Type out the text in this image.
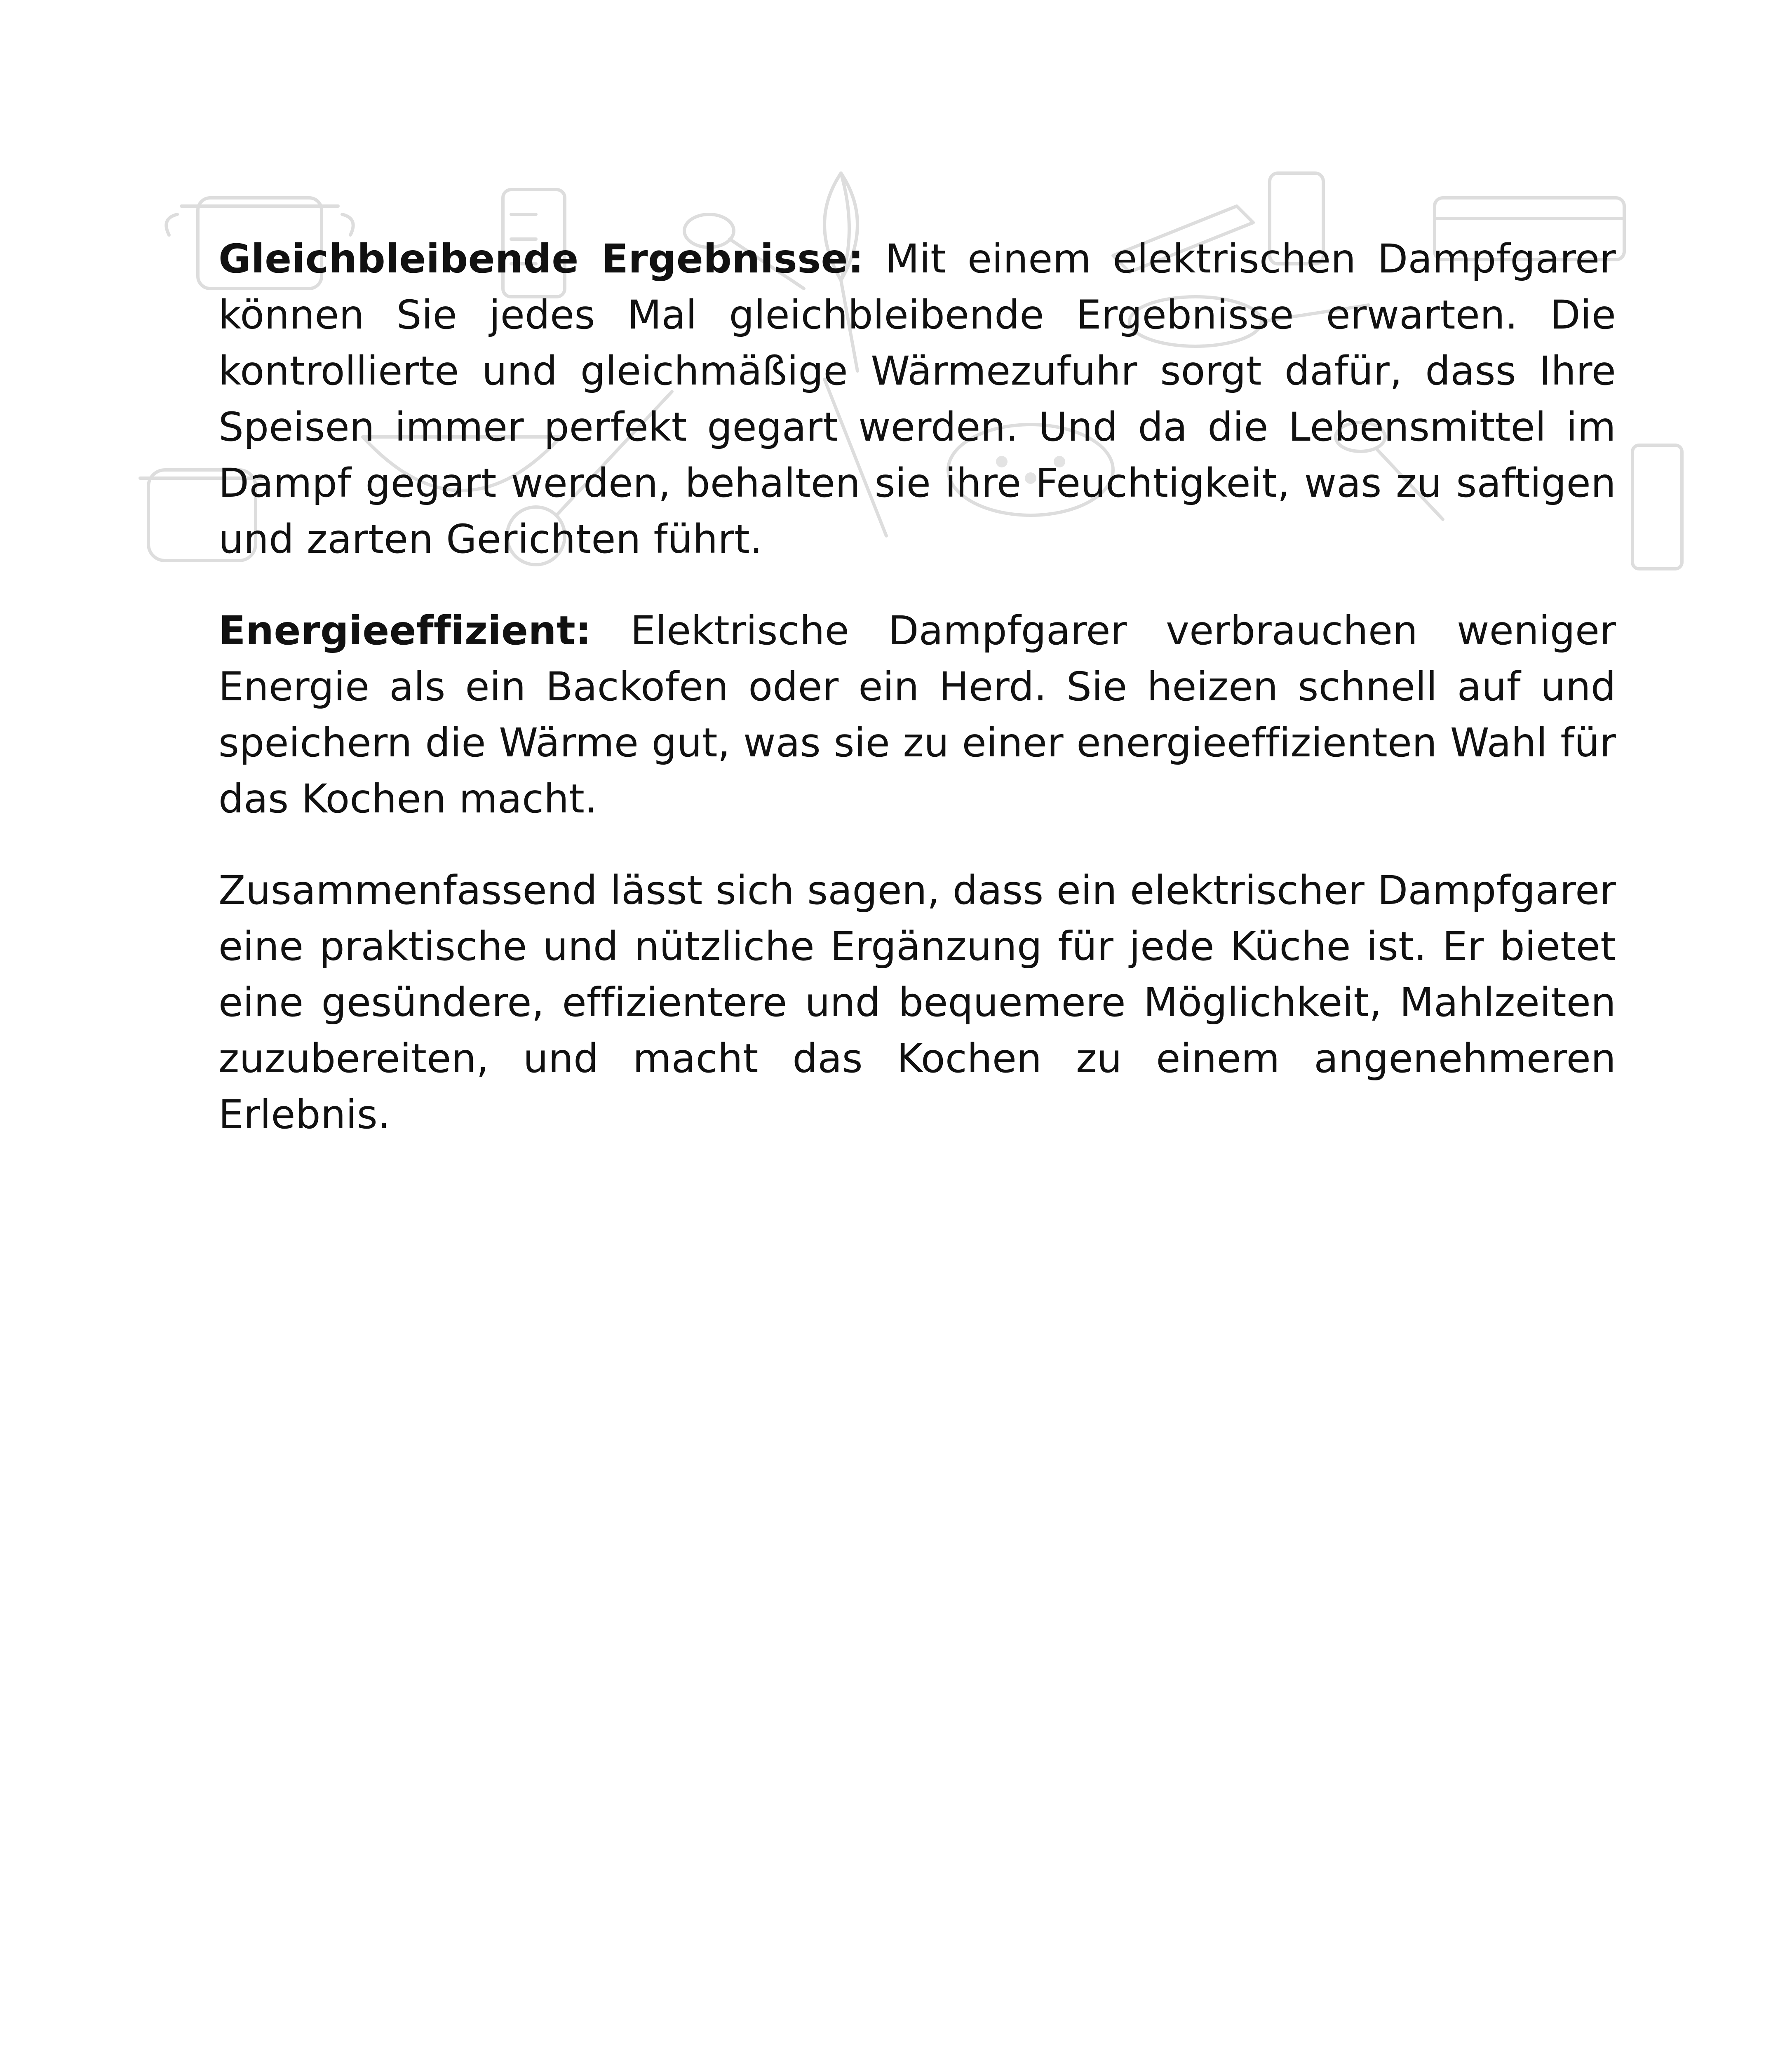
Gleichbleibende Ergebnisse: Mit einem elektrischen Dampfgarer können Sie jedes Mal gleichbleibende Ergebnisse erwarten. Die kontrollierte und gleichmäßige Wärmezufuhr sorgt dafür, dass Ihre Speisen immer perfekt gegart werden. Und da die Lebensmittel im Dampf gegart werden, behalten sie ihre Feuchtigkeit, was zu saftigen und zarten Gerichten führt.

Energieeffizient: Elektrische Dampfgarer verbrauchen weniger Energie als ein Backofen oder ein Herd. Sie heizen schnell auf und speichern die Wärme gut, was sie zu einer energieeffizienten Wahl für das Kochen macht.

Zusammenfassend lässt sich sagen, dass ein elektrischer Dampfgarer eine praktische und nützliche Ergänzung für jede Küche ist. Er bietet eine gesündere, effizientere und bequemere Möglichkeit, Mahlzeiten zuzubereiten, und macht das Kochen zu einem angenehmeren Erlebnis.
